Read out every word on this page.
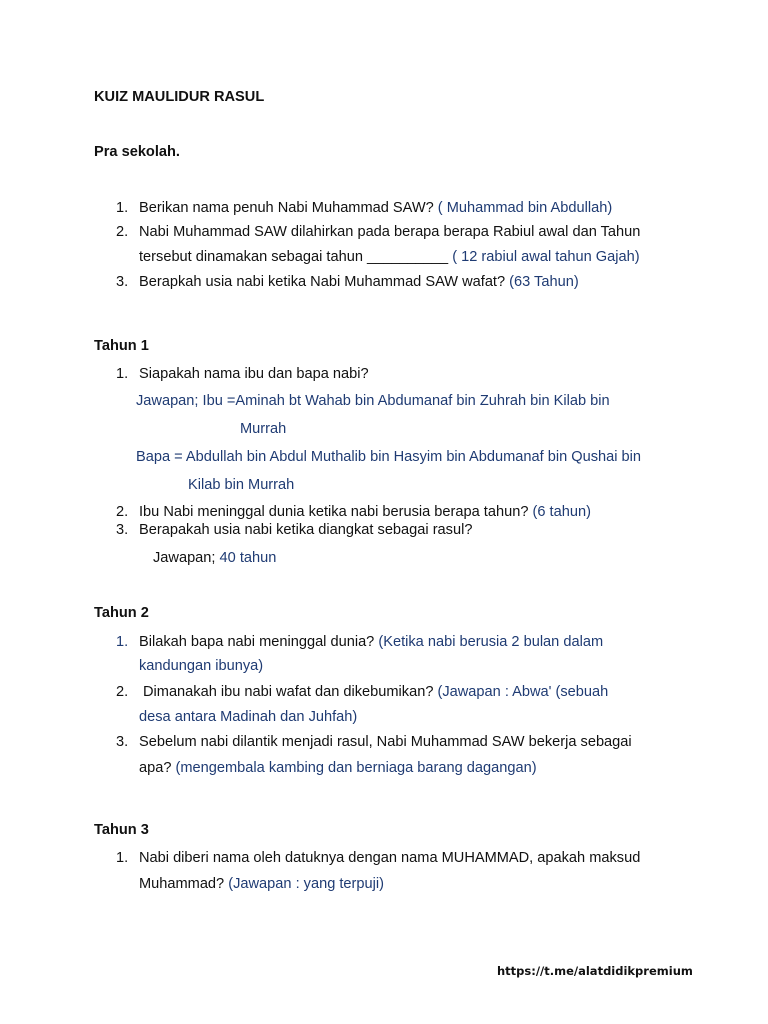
KUIZ MAULIDUR RASUL
Pra sekolah.
1. Berikan nama penuh Nabi Muhammad SAW? ( Muhammad bin Abdullah)
2. Nabi Muhammad SAW dilahirkan pada berapa berapa Rabiul awal dan Tahun
tersebut dinamakan sebagai tahun __________ ( 12 rabiul awal tahun Gajah)
3. Berapkah usia nabi ketika Nabi Muhammad SAW wafat? (63 Tahun)
Tahun 1
1. Siapakah nama ibu dan bapa nabi?
Jawapan; Ibu =Aminah bt Wahab bin Abdumanaf bin Zuhrah bin Kilab bin
Murrah
Bapa = Abdullah bin Abdul Muthalib bin Hasyim bin Abdumanaf bin Qushai bin
Kilab bin Murrah
2. Ibu Nabi meninggal dunia ketika nabi berusia berapa tahun? (6 tahun)
3. Berapakah usia nabi ketika diangkat sebagai rasul?
Jawapan; 40 tahun
Tahun 2
1. Bilakah bapa nabi meninggal dunia? (Ketika nabi berusia 2 bulan dalam
kandungan ibunya)
2. Dimanakah ibu nabi wafat dan dikebumikan? (Jawapan : Abwa' (sebuah
desa antara Madinah dan Juhfah)
3. Sebelum nabi dilantik menjadi rasul, Nabi Muhammad SAW bekerja sebagai
apa? (mengembala kambing dan berniaga barang dagangan)
Tahun 3
1. Nabi diberi nama oleh datuknya dengan nama MUHAMMAD, apakah maksud
Muhammad? (Jawapan : yang terpuji)
https://t.me/alatdidikpremium
